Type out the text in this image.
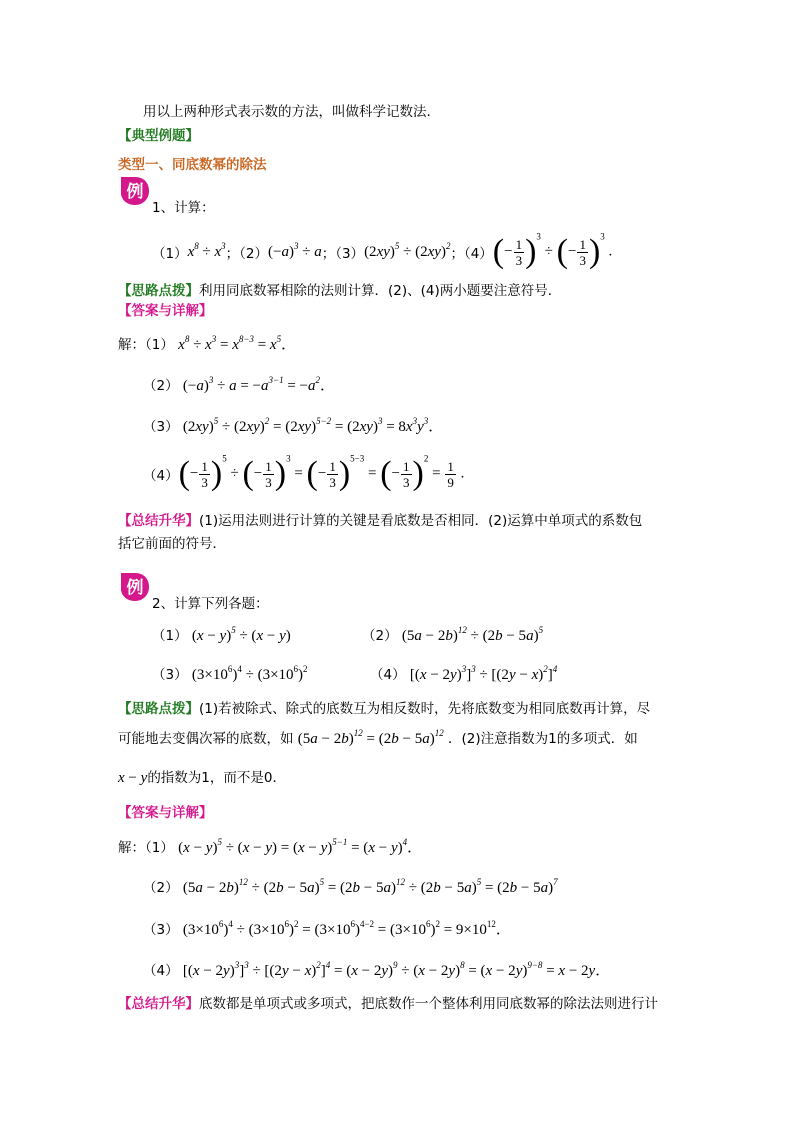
用以上两种形式表示数的方法，叫做科学记数法.
【典型例题】
类型一、同底数幂的除法
例
1、计算：
（1） $x^8 \div x^3$
；（2） $(-a)^3 \div a$ ；（3） $(2xy)^5 \div (2xy)^2$
；（4） (− $\frac{1}{3} )^3$ ÷ (− $\frac{1}{3} )^3$ .
【思路点拨】利用同底数幂相除的法则计算．(2)、(4)两小题要注意符号．
【答案与详解】
解：（1） $x^8 \div x^3 = x^{8-3} = x^5$．
（2） $(-a)^3 \div a = -a^{3-1} = -a^2$．
（3） $(2xy)^5 \div (2xy)^2 = (2xy)^{5-2} = (2xy)^3 = 8x^3y^3$．
（4） (− $\frac{1}{3} )^5$ ÷ (− $\frac{1}{3} )^3$ = (− $\frac{1}{3} )^{5-3}$ = (− $\frac{1}{3} )^2 = \frac{1}{9}$ .
【总结升华】(1)运用法则进行计算的关键是看底数是否相同．(2)运算中单项式的系数包
括它前面的符号．
例
2、计算下列各题：
（1） $(x - y)^5 \div (x - y)$	（2） $(5a - 2b)^{12} \div (2b - 5a)^5$
（3） $(3\times 10^6)^4 \div (3\times 10^6)^2$	（4） $[(x - 2y)^3]^3 \div [(2y - x)^2]^4$
【思路点拨】(1)若被除式、除式的底数互为相反数时，先将底数变为相同底数再计算，尽
可能地去变偶次幂的底数，如 $(5a - 2b)^{12} = (2b - 5a)^{12}$ ．(2)注意指数为1的多项式．如
x − y的指数为1，而不是0．
【答案与详解】
解：（1） $(x - y)^5 \div (x - y) = (x - y)^{5-1} = (x - y)^4$．
（2） $(5a - 2b)^{12} \div (2b - 5a)^5 = (2b - 5a)^{12} \div (2b - 5a)^5 = (2b - 5a)^7$
（3） $(3\times 10^6)^4 \div (3\times 10^6)^2 = (3\times 10^6)^{4-2} = (3\times 10^6)^2 = 9\times 10^{12}$．
（4） $[(x - 2y)^3]^3 \div [(2y - x)^2]^4 = (x - 2y)^9 \div (x - 2y)^8 = (x - 2y)^{9-8} = x - 2y$．
【总结升华】底数都是单项式或多项式，把底数作一个整体利用同底数幂的除法法则进行计
